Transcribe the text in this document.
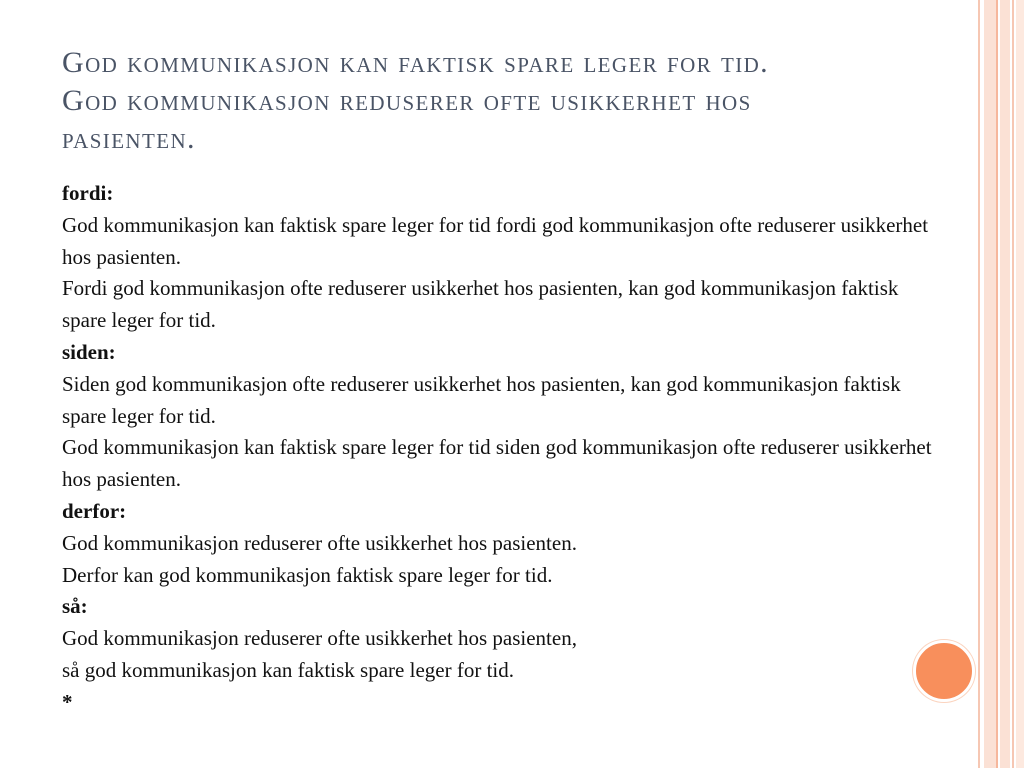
God kommunikasjon kan faktisk spare leger for tid.
God kommunikasjon reduserer ofte usikkerhet hos
pasienten.
fordi:
God kommunikasjon kan faktisk spare leger for tid fordi god kommunikasjon ofte reduserer usikkerhet hos pasienten.
Fordi god kommunikasjon ofte reduserer usikkerhet hos pasienten, kan god kommunikasjon faktisk spare leger for tid.
siden:
Siden god kommunikasjon ofte reduserer usikkerhet hos pasienten, kan god kommunikasjon faktisk spare leger for tid.
God kommunikasjon kan faktisk spare leger for tid siden god kommunikasjon ofte reduserer usikkerhet hos pasienten.
derfor:
God kommunikasjon reduserer ofte usikkerhet hos pasienten.
Derfor kan god kommunikasjon faktisk spare leger for tid.
så:
God kommunikasjon reduserer ofte usikkerhet hos pasienten,
så god kommunikasjon kan faktisk spare leger for tid.
*
